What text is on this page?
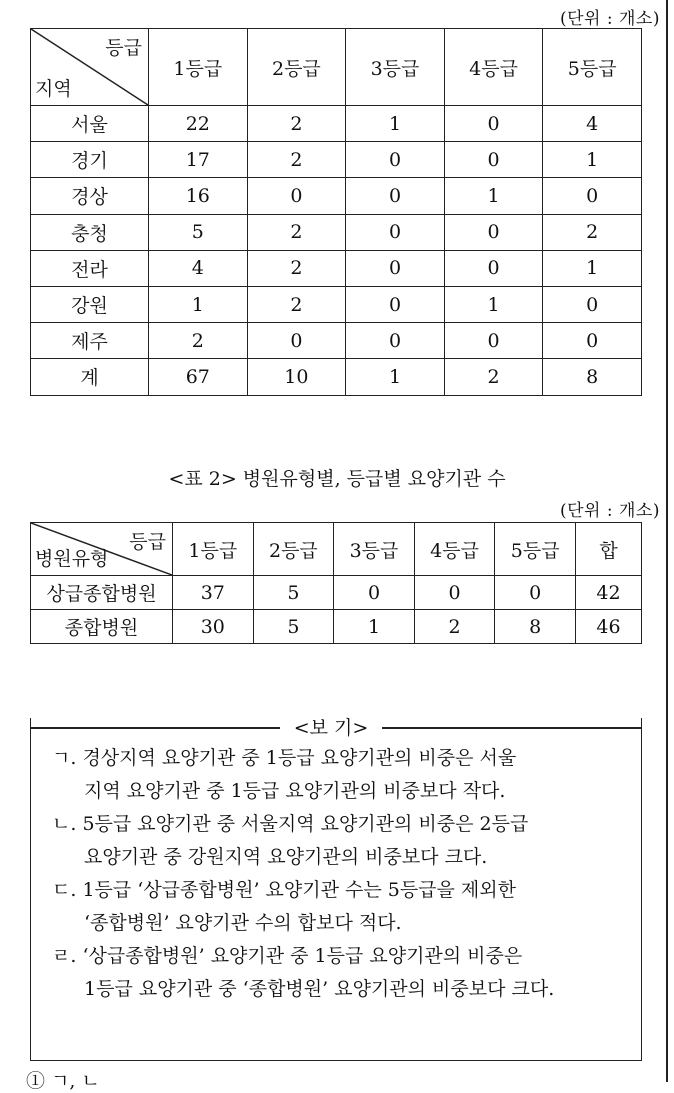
(단위 : 개소)
등급
지역	1등급	2등급	3등급	4등급	5등급
서울	22	2	1	0	4
경기	17	2	0	0	1
경상	16	0	0	1	0
충청	5	2	0	0	2
전라	4	2	0	0	1
강원	1	2	0	1	0
제주	2	0	0	0	0
계	67	10	1	2	8
<표 2> 병원유형별, 등급별 요양기관 수
(단위 : 개소)
등급
병원유형	1등급	2등급	3등급	4등급	5등급	합
상급종합병원	37	5	0	0	0	42
종합병원	30	5	1	2	8	46
<보 기>
ㄱ. 경상지역 요양기관 중 1등급 요양기관의 비중은 서울
지역 요양기관 중 1등급 요양기관의 비중보다 작다.
ㄴ. 5등급 요양기관 중 서울지역 요양기관의 비중은 2등급
요양기관 중 강원지역 요양기관의 비중보다 크다.
ㄷ. 1등급 ‘상급종합병원’ 요양기관 수는 5등급을 제외한
‘종합병원’ 요양기관 수의 합보다 적다.
ㄹ. ‘상급종합병원’ 요양기관 중 1등급 요양기관의 비중은
1등급 요양기관 중 ‘종합병원’ 요양기관의 비중보다 크다.
① ㄱ, ㄴ
